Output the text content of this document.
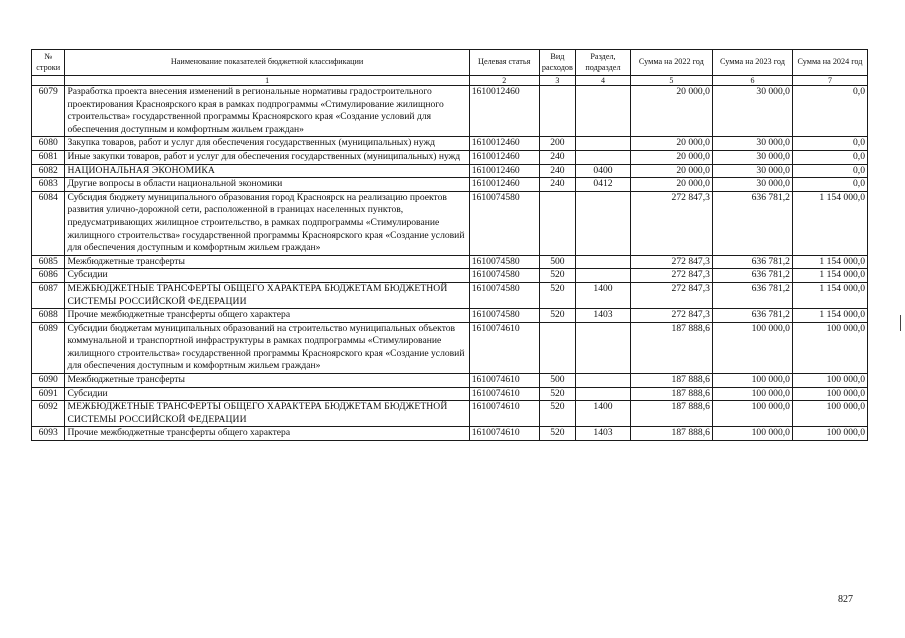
№ строки	Наименование показателей бюджетной классификации	Целевая статья	Вид расходов	Раздел, подраздел	Сумма на 2022 год	Сумма на 2023 год	Сумма на 2024 год
	1	2	3	4	5	6	7
6079	Разработка проекта внесения изменений в региональные нормативы градостроительного проектирования Красноярского края в рамках подпрограммы «Стимулирование жилищного строительства» государственной программы Красноярского края «Создание условий для обеспечения доступным и комфортным жильем граждан»	1610012460			20 000,0	30 000,0	0,0
6080	Закупка товаров, работ и услуг для обеспечения государственных (муниципальных) нужд	1610012460	200		20 000,0	30 000,0	0,0
6081	Иные закупки товаров, работ и услуг для обеспечения государственных (муниципальных) нужд	1610012460	240		20 000,0	30 000,0	0,0
6082	НАЦИОНАЛЬНАЯ ЭКОНОМИКА	1610012460	240	0400	20 000,0	30 000,0	0,0
6083	Другие вопросы в области национальной экономики	1610012460	240	0412	20 000,0	30 000,0	0,0
6084	Субсидия бюджету муниципального образования город Красноярск на реализацию проектов развития улично-дорожной сети, расположенной в границах населенных пунктов, предусматривающих жилищное строительство, в рамках подпрограммы «Стимулирование жилищного строительства» государственной программы Красноярского края «Создание условий для обеспечения доступным и комфортным жильем граждан»	1610074580			272 847,3	636 781,2	1 154 000,0
6085	Межбюджетные трансферты	1610074580	500		272 847,3	636 781,2	1 154 000,0
6086	Субсидии	1610074580	520		272 847,3	636 781,2	1 154 000,0
6087	МЕЖБЮДЖЕТНЫЕ ТРАНСФЕРТЫ ОБЩЕГО ХАРАКТЕРА БЮДЖЕТАМ БЮДЖЕТНОЙ СИСТЕМЫ РОССИЙСКОЙ ФЕДЕРАЦИИ	1610074580	520	1400	272 847,3	636 781,2	1 154 000,0
6088	Прочие межбюджетные трансферты общего характера	1610074580	520	1403	272 847,3	636 781,2	1 154 000,0
6089	Субсидии бюджетам муниципальных образований на строительство муниципальных объектов коммунальной и транспортной инфраструктуры в рамках подпрограммы «Стимулирование жилищного строительства» государственной программы Красноярского края «Создание условий для обеспечения доступным и комфортным жильем граждан»	1610074610			187 888,6	100 000,0	100 000,0
6090	Межбюджетные трансферты	1610074610	500		187 888,6	100 000,0	100 000,0
6091	Субсидии	1610074610	520		187 888,6	100 000,0	100 000,0
6092	МЕЖБЮДЖЕТНЫЕ ТРАНСФЕРТЫ ОБЩЕГО ХАРАКТЕРА БЮДЖЕТАМ БЮДЖЕТНОЙ СИСТЕМЫ РОССИЙСКОЙ ФЕДЕРАЦИИ	1610074610	520	1400	187 888,6	100 000,0	100 000,0
6093	Прочие межбюджетные трансферты общего характера	1610074610	520	1403	187 888,6	100 000,0	100 000,0
827
